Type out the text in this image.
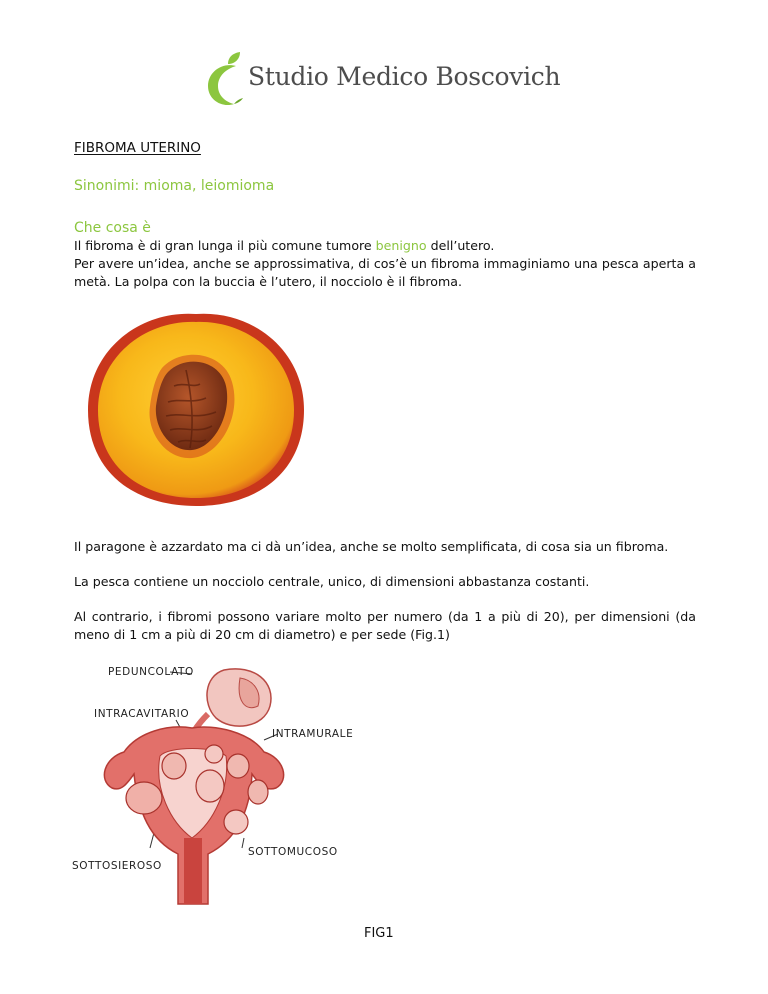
Studio Medico Boscovich
FIBROMA UTERINO
Sinonimi: mioma, leiomioma
Che cosa è
Il fibroma è di gran lunga il più comune tumore benigno dell’utero.
Per avere un’idea, anche se approssimativa, di cos’è un fibroma immaginiamo una pesca aperta a metà. La polpa con la buccia è l’utero, il nocciolo è il fibroma.
Il paragone è azzardato ma ci dà un’idea, anche se molto semplificata, di cosa sia un fibroma.
La pesca contiene un nocciolo centrale, unico, di dimensioni abbastanza costanti.
Al contrario, i fibromi possono variare molto per numero (da 1 a più di 20), per dimensioni (da meno di 1 cm a più di 20 cm di diametro) e per sede (Fig.1)
PEDUNCOLATO
INTRACAVITARIO
INTRAMURALE
SOTTOMUCOSO
SOTTOSIEROSO
FIG1
